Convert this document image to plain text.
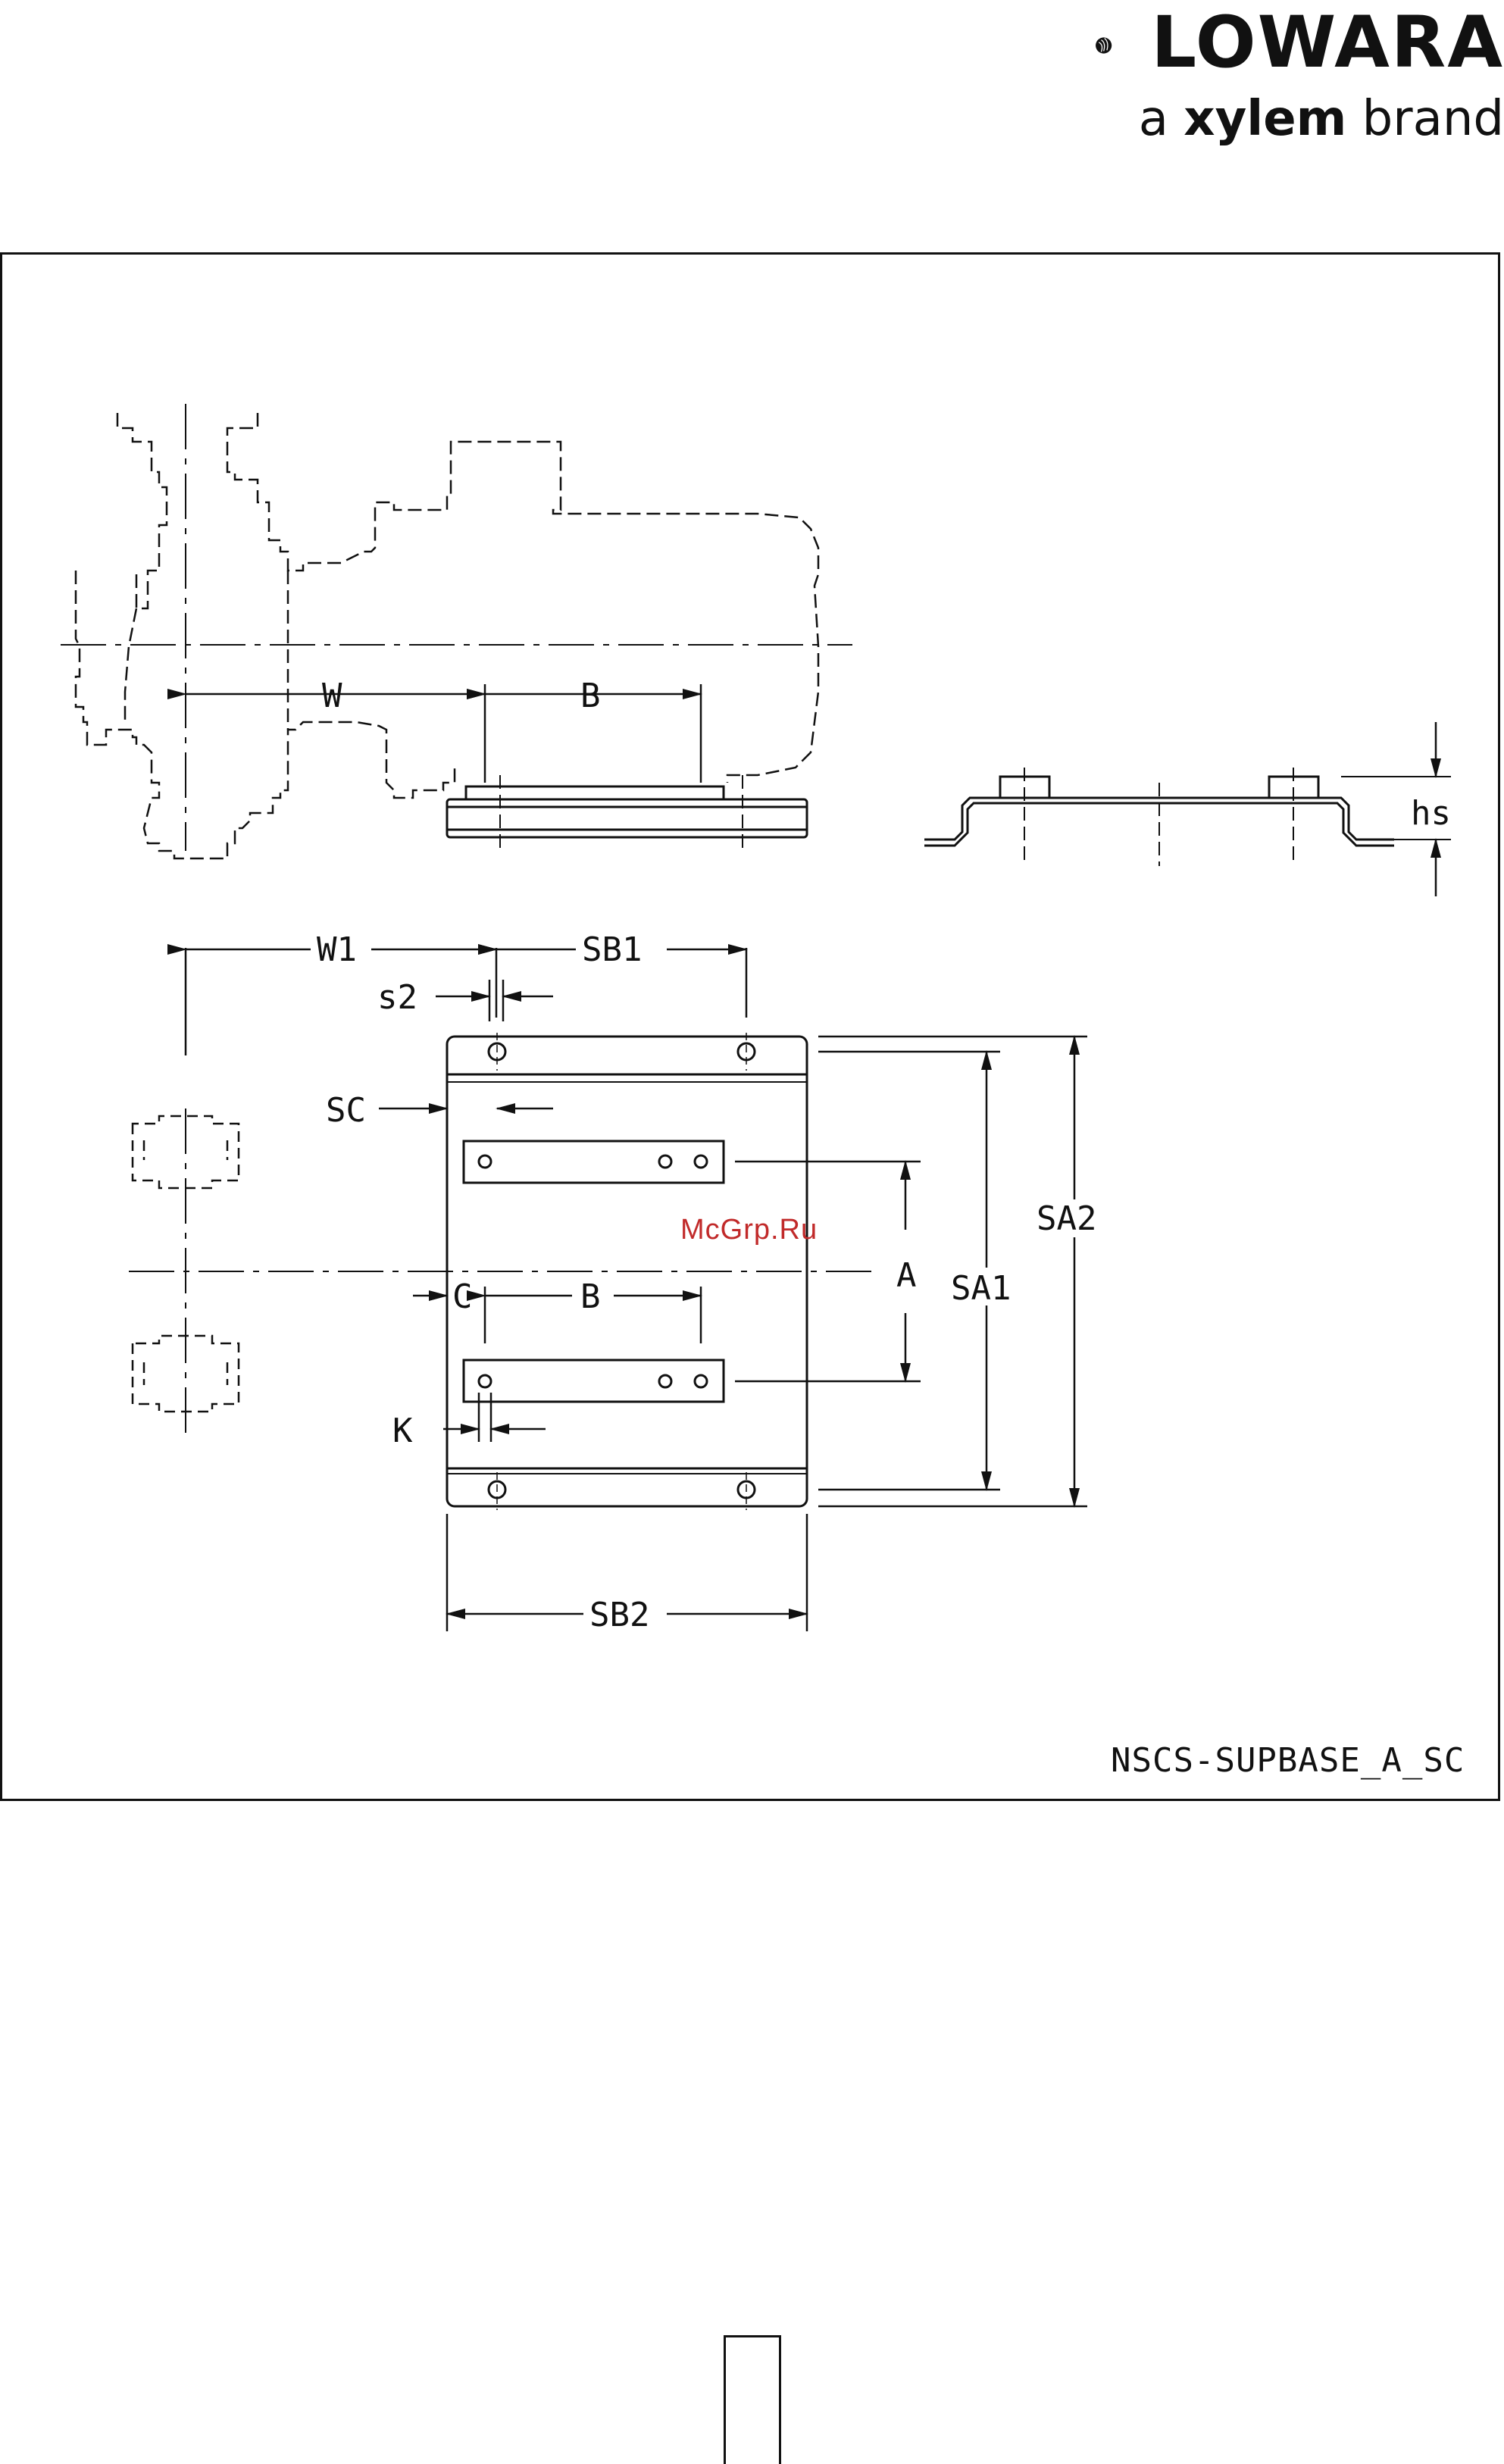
LOWARA
a xylem brand
W	B
hs
W1	SB1
s2
SC
A SA1
SA2
C	B
K
SB2
McGrp.Ru
NSCS-SUPBASE_A_SC
